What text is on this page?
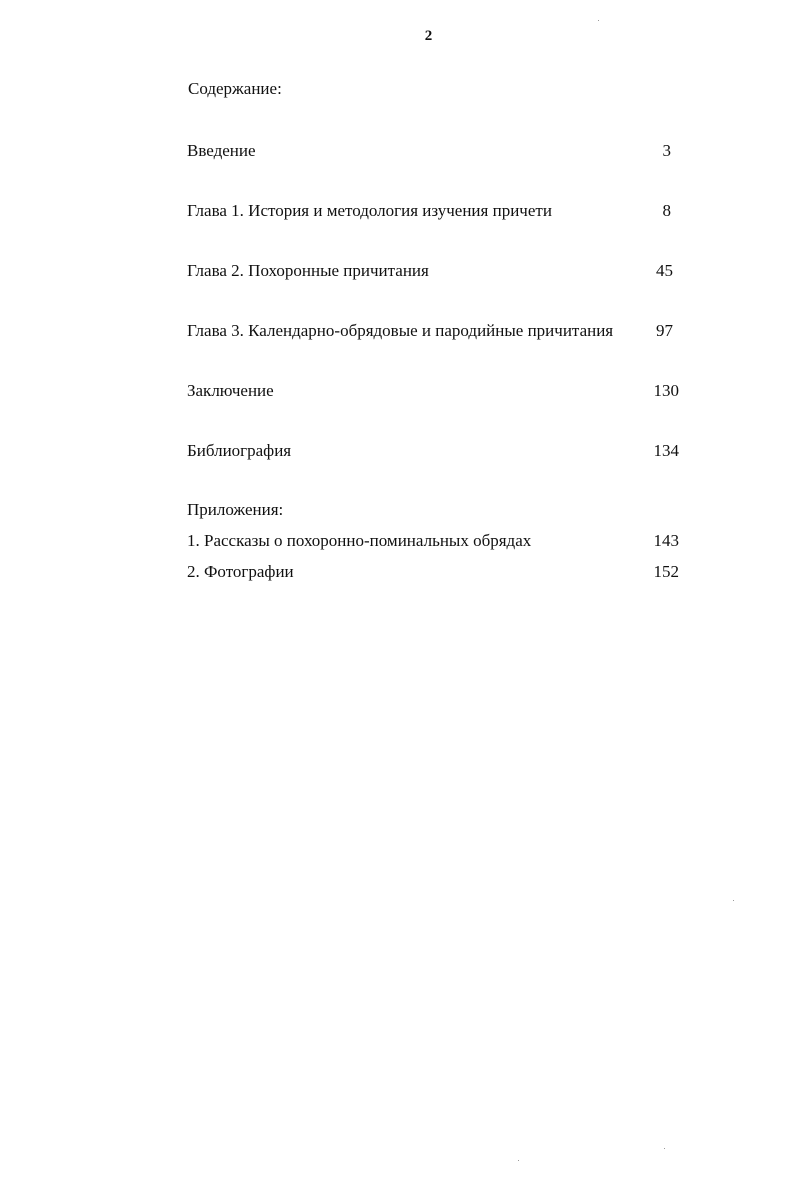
2
Содержание:
Введение	3
Глава 1. История и методология изучения причети	8
Глава 2. Похоронные причитания	45
Глава 3. Календарно-обрядовые и пародийные причитания	97
Заключение	130
Библиография	134
Приложения:
1. Рассказы о похоронно-поминальных обрядах	143
2. Фотографии	152
